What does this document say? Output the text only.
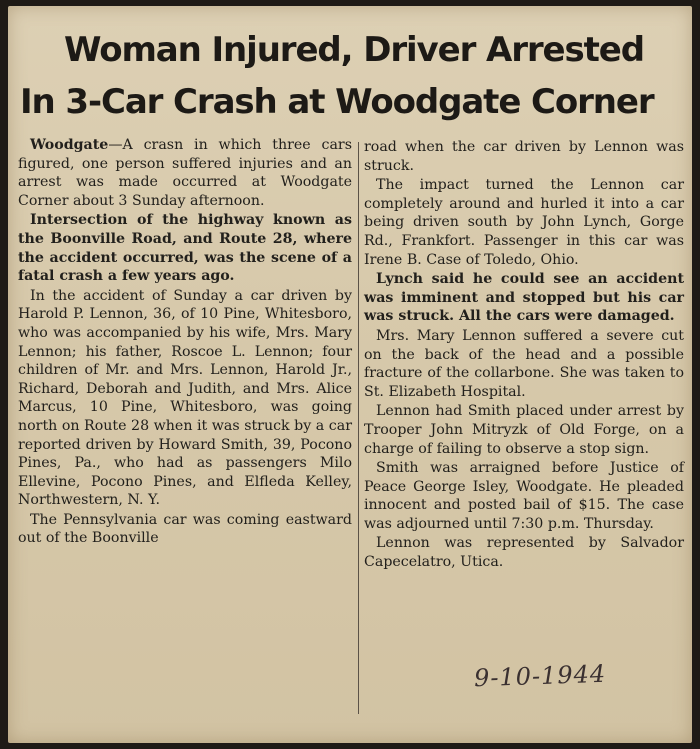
Woman Injured, Driver Arrested
In 3-Car Crash at Woodgate Corner

Woodgate—A crasn in which three cars figured, one person suffered injuries and an arrest was made occurred at Woodgate Corner about 3 Sunday afternoon.

Intersection of the highway known as the Boonville Road, and Route 28, where the accident occurred, was the scene of a fatal crash a few years ago.

In the accident of Sunday a car driven by Harold P. Lennon, 36, of 10 Pine, Whitesboro, who was accompanied by his wife, Mrs. Mary Lennon; his father, Roscoe L. Lennon; four children of Mr. and Mrs. Lennon, Harold Jr., Richard, Deborah and Judith, and Mrs. Alice Marcus, 10 Pine, Whitesboro, was going north on Route 28 when it was struck by a car reported driven by Howard Smith, 39, Pocono Pines, Pa., who had as passengers Milo Ellevine, Pocono Pines, and Elfleda Kelley, Northwestern, N. Y.

The Pennsylvania car was coming eastward out of the Boonville

road when the car driven by Lennon was struck.

The impact turned the Lennon car completely around and hurled it into a car being driven south by John Lynch, Gorge Rd., Frankfort. Passenger in this car was Irene B. Case of Toledo, Ohio.

Lynch said he could see an accident was imminent and stopped but his car was struck. All the cars were damaged.

Mrs. Mary Lennon suffered a severe cut on the back of the head and a possible fracture of the collarbone. She was taken to St. Elizabeth Hospital.

Lennon had Smith placed under arrest by Trooper John Mitryzk of Old Forge, on a charge of failing to observe a stop sign.

Smith was arraigned before Justice of Peace George Isley, Woodgate. He pleaded innocent and posted bail of $15. The case was adjourned until 7:30 p.m. Thursday.

Lennon was represented by Salvador Capecelatro, Utica.

9-10-1944
